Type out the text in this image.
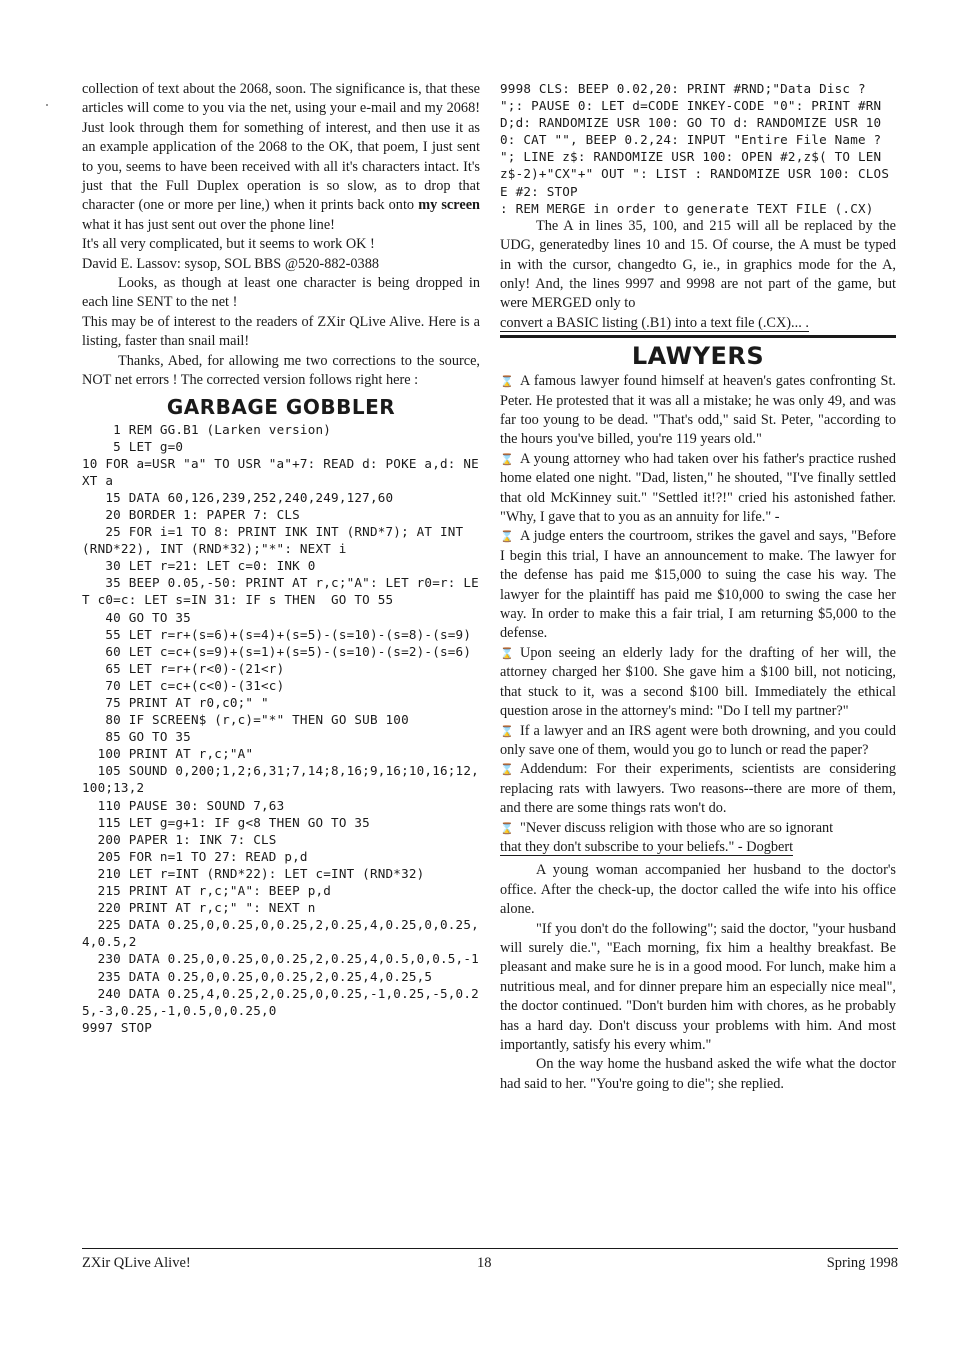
collection of text about the 2068, soon. The significance is, that these articles will come to you via the net, using your e-mail and my 2068! Just look through them for something of interest, and then use it as an example application of the 2068 to the OK, that poem, I just sent to you, seems to have been received with all it's characters intact. It's just that the Full Duplex operation is so slow, as to drop that character (one or more per line,) when it prints back onto my screen what it has just sent out over the phone line!

It's all very complicated, but it seems to work OK !

David E. Lassov: sysop, SOL BBS @520-882-0388

Looks, as though at least one character is being dropped in each line SENT to the net !

This may be of interest to the readers of ZXir QLive Alive. Here is a listing, faster than snail mail!

Thanks, Abed, for allowing me two corrections to the source, NOT net errors ! The corrected version follows right here :

GARBAGE GOBBLER
1 REM GG.B1 (Larken version)
5 LET g=0
10 FOR a=USR "a" TO USR "a"+7: READ d: POKE a,d: NEXT a
15 DATA 60,126,239,252,240,249,127,60
20 BORDER 1: PAPER 7: CLS
25 FOR i=1 TO 8: PRINT INK INT (RND*7); AT INT (RND*22), INT (RND*32);"*": NEXT i
30 LET r=21: LET c=0: INK 0
35 BEEP 0.05,-50: PRINT AT r,c;"A": LET r0=r: LET c0=c: LET s=IN 31: IF s THEN  GO TO 55
40 GO TO 35
55 LET r=r+(s=6)+(s=4)+(s=5)-(s=10)-(s=8)-(s=9)
60 LET c=c+(s=9)+(s=1)+(s=5)-(s=10)-(s=2)-(s=6)
65 LET r=r+(r<0)-(21<r)
70 LET c=c+(c<0)-(31<c)
75 PRINT AT r0,c0;" "
80 IF SCREEN$ (r,c)="*" THEN GO SUB 100
85 GO TO 35
100 PRINT AT r,c;"A"
105 SOUND 0,200;1,2;6,31;7,14;8,16;9,16;10,16;12,100;13,2
110 PAUSE 30: SOUND 7,63
115 LET g=g+1: IF g<8 THEN GO TO 35
200 PAPER 1: INK 7: CLS
205 FOR n=1 TO 27: READ p,d
210 LET r=INT (RND*22): LET c=INT (RND*32)
215 PRINT AT r,c;"A": BEEP p,d
220 PRINT AT r,c;" ": NEXT n
225 DATA 0.25,0,0.25,0,0.25,2,0.25,4,0.25,0,0.25,4,0.5,2
230 DATA 0.25,0,0.25,0,0.25,2,0.25,4,0.5,0,0.5,-1
235 DATA 0.25,0,0.25,0,0.25,2,0.25,4,0.25,5
240 DATA 0.25,4,0.25,2,0.25,0,0.25,-1,0.25,-5,0.25,-3,0.25,-1,0.5,0,0.25,0
9997 STOP
9998 CLS: BEEP 0.02,20: PRINT #RND;"Data Disc ? ";: PAUSE 0: LET d=CODE INKEY-CODE "0": PRINT #RND;d: RANDOMIZE USR 100: GO TO d: RANDOMIZE USR 100: CAT "", BEEP 0.2,24: INPUT "Entire File Name ? "; LINE z$: RANDOMIZE USR 100: OPEN #2,z$( TO LEN z$-2)+"CX"+" OUT ": LIST : RANDOMIZE USR 100: CLOSE #2: STOP
: REM MERGE in order to generate TEXT FILE (.CX)

The A in lines 35, 100, and 215 will all be replaced by the UDG, generatedby lines 10 and 15. Of course, the A must be typed in with the cursor, changedto G, ie., in graphics mode for the A, only! And, the lines 9997 and 9998 are not part of the game, but were MERGED only to

convert a BASIC listing (.B1) into a text file (.CX)... .

LAWYERS

⌛ A famous lawyer found himself at heaven's gates confronting St. Peter. He protested that it was all a mistake; he was only 49, and was far too young to be dead. "That's odd," said St. Peter, "according to the hours you've billed, you're 119 years old."

⌛ A young attorney who had taken over his father's practice rushed home elated one night. "Dad, listen," he shouted, "I've finally settled that old McKinney suit." "Settled it!?!" cried his astonished father. "Why, I gave that to you as an annuity for life." -

⌛ A judge enters the courtroom, strikes the gavel and says, "Before I begin this trial, I have an announcement to make. The lawyer for the defense has paid me $15,000 to suing the case his way. The lawyer for the plaintiff has paid me $10,000 to swing the case her way. In order to make this a fair trial, I am returning $5,000 to the defense.

⌛ Upon seeing an elderly lady for the drafting of her will, the attorney charged her $100. She gave him a $100 bill, not noticing, that stuck to it, was a second $100 bill. Immediately the ethical question arose in the attorney's mind: "Do I tell my partner?"

⌛ If a lawyer and an IRS agent were both drowning, and you could only save one of them, would you go to lunch or read the paper?

⌛ Addendum: For their experiments, scientists are considering replacing rats with lawyers. Two reasons--there are more of them, and there are some things rats won't do.

⌛ "Never discuss religion with those who are so ignorant

that they don't subscribe to your beliefs." - Dogbert

A young woman accompanied her husband to the doctor's office. After the check-up, the doctor called the wife into his office alone.

"If you don't do the following"; said the doctor, "your husband will surely die.", "Each morning, fix him a healthy breakfast. Be pleasant and make sure he is in a good mood. For lunch, make him a nutritious meal, and for dinner prepare him an especially nice meal", the doctor continued. "Don't burden him with chores, as he probably has a hard day. Don't discuss your problems with him. And most importantly, satisfy his every whim."

On the way home the husband asked the wife what the doctor had said to her. "You're going to die"; she replied.

ZXir QLive Alive!	18	Spring 1998
